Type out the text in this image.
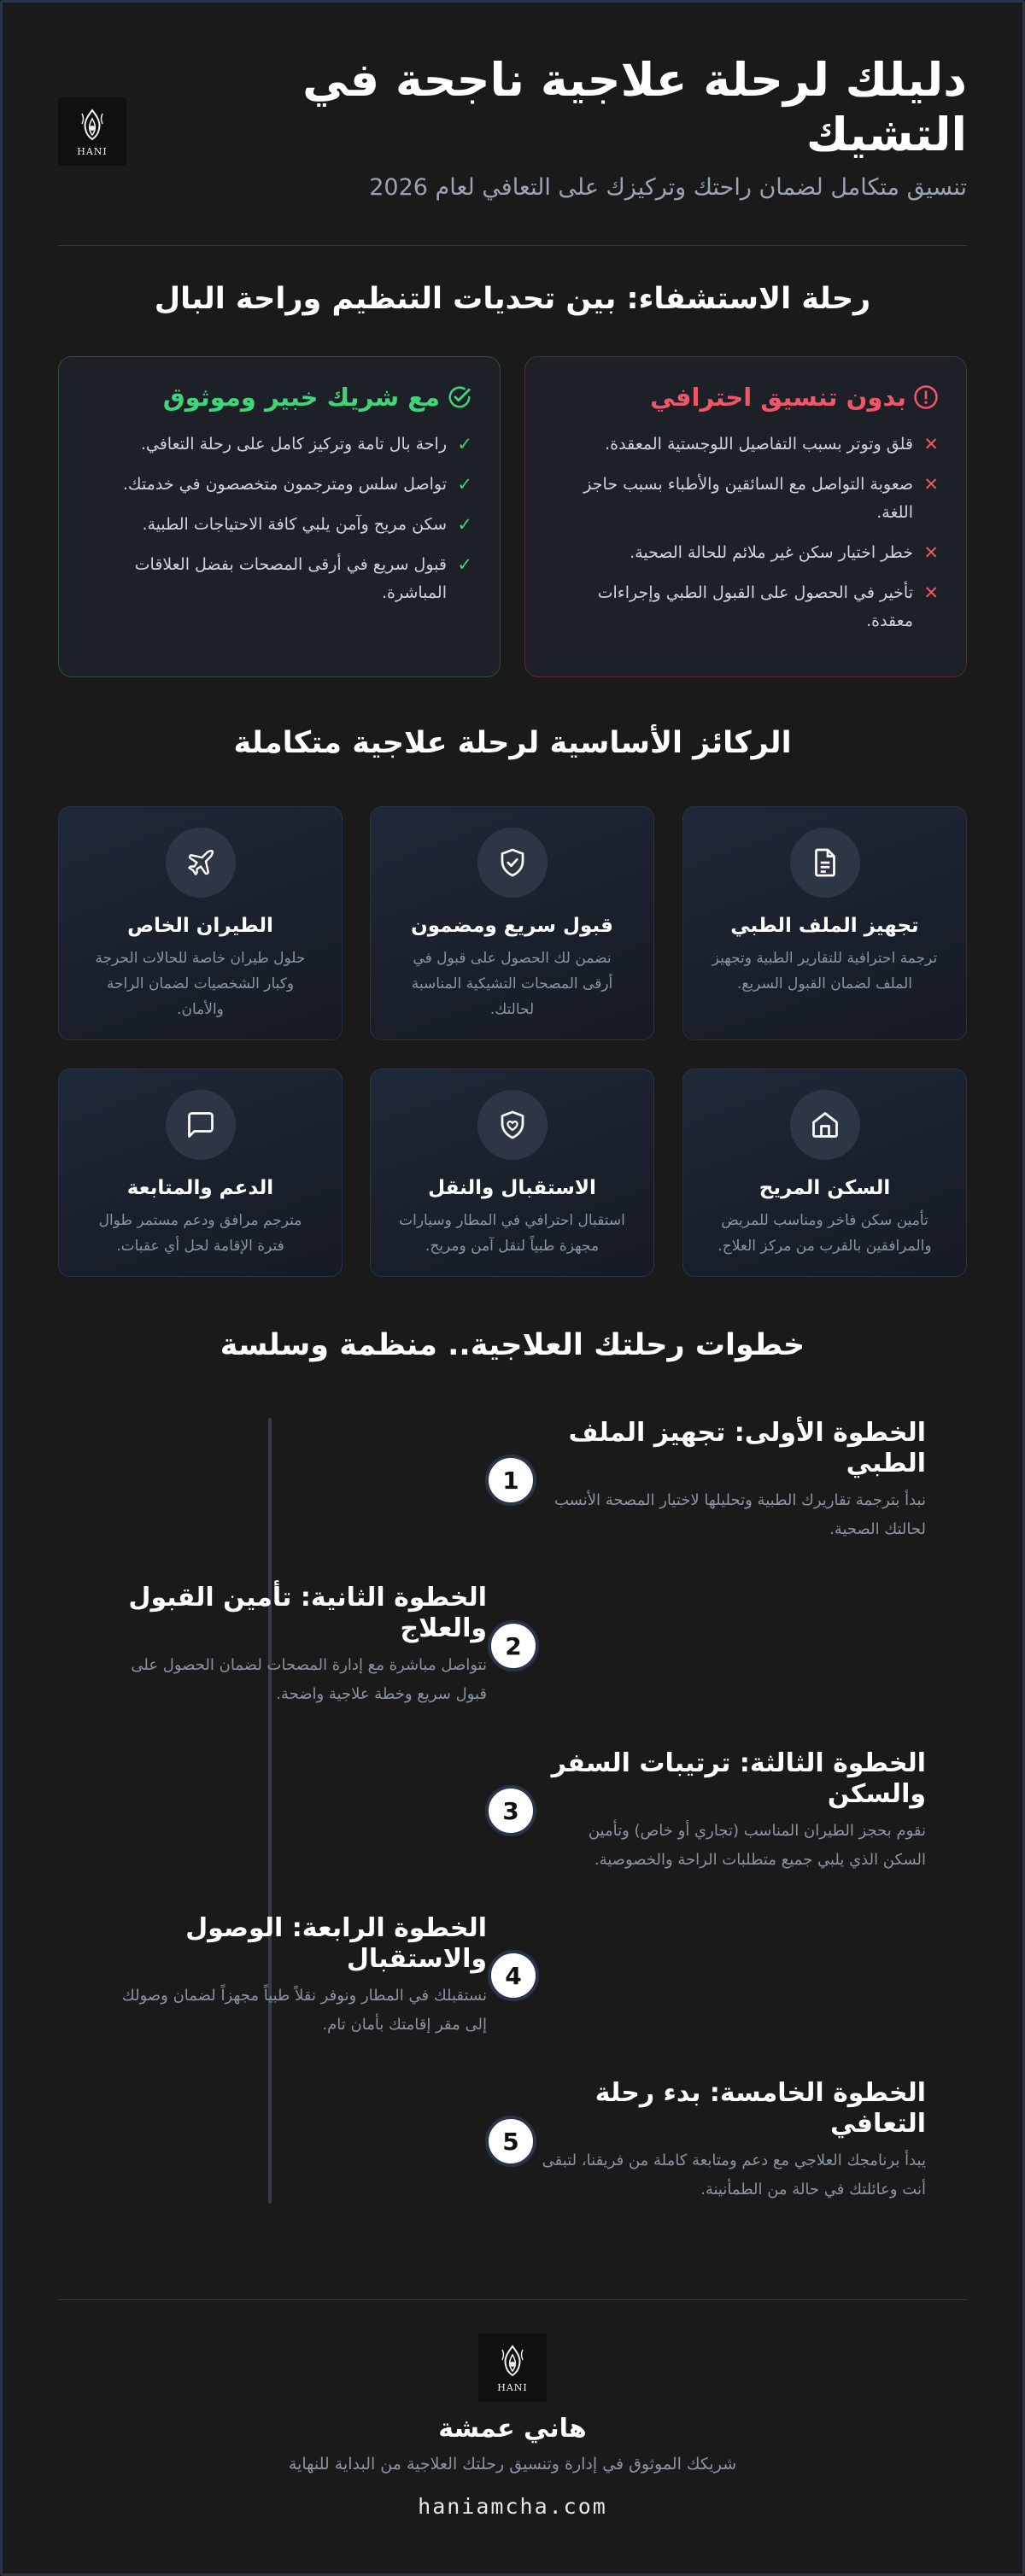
دليلك لرحلة علاجية ناجحة في التشيك
تنسيق متكامل لضمان راحتك وتركيزك على التعافي لعام 2026
HANI
رحلة الاستشفاء: بين تحديات التنظيم وراحة البال
بدون تنسيق احترافي
✕
قلق وتوتر بسبب التفاصيل اللوجستية المعقدة.
✕
صعوبة التواصل مع السائقين والأطباء بسبب حاجز اللغة.
✕
خطر اختيار سكن غير ملائم للحالة الصحية.
✕
تأخير في الحصول على القبول الطبي وإجراءات معقدة.
مع شريك خبير وموثوق
✓
راحة بال تامة وتركيز كامل على رحلة التعافي.
✓
تواصل سلس ومترجمون متخصصون في خدمتك.
✓
سكن مريح وآمن يلبي كافة الاحتياجات الطبية.
✓
قبول سريع في أرقى المصحات بفضل العلاقات المباشرة.
الركائز الأساسية لرحلة علاجية متكاملة
تجهيز الملف الطبي

ترجمة احترافية للتقارير الطبية وتجهيز الملف لضمان القبول السريع.

قبول سريع ومضمون

نضمن لك الحصول على قبول في أرقى المصحات التشيكية المناسبة لحالتك.

الطيران الخاص

حلول طيران خاصة للحالات الحرجة وكبار الشخصيات لضمان الراحة والأمان.

السكن المريح

تأمين سكن فاخر ومناسب للمريض والمرافقين بالقرب من مركز العلاج.

الاستقبال والنقل

استقبال احترافي في المطار وسيارات مجهزة طبياً لنقل آمن ومريح.

الدعم والمتابعة

مترجم مرافق ودعم مستمر طوال فترة الإقامة لحل أي عقبات.

خطوات رحلتك العلاجية.. منظمة وسلسة
الخطوة الأولى: تجهيز الملف الطبي

نبدأ بترجمة تقاريرك الطبية وتحليلها لاختيار المصحة الأنسب لحالتك الصحية.

1
الخطوة الثانية: تأمين القبول والعلاج

نتواصل مباشرة مع إدارة المصحات لضمان الحصول على قبول سريع وخطة علاجية واضحة.

2
الخطوة الثالثة: ترتيبات السفر والسكن

نقوم بحجز الطيران المناسب (تجاري أو خاص) وتأمين السكن الذي يلبي جميع متطلبات الراحة والخصوصية.

3
الخطوة الرابعة: الوصول والاستقبال

نستقبلك في المطار ونوفر نقلاً طبياً مجهزاً لضمان وصولك إلى مقر إقامتك بأمان تام.

4
الخطوة الخامسة: بدء رحلة التعافي

يبدأ برنامجك العلاجي مع دعم ومتابعة كاملة من فريقنا، لتبقى أنت وعائلتك في حالة من الطمأنينة.

5
HANI
هاني عمشة
شريكك الموثوق في إدارة وتنسيق رحلتك العلاجية من البداية للنهاية
haniamcha.com
